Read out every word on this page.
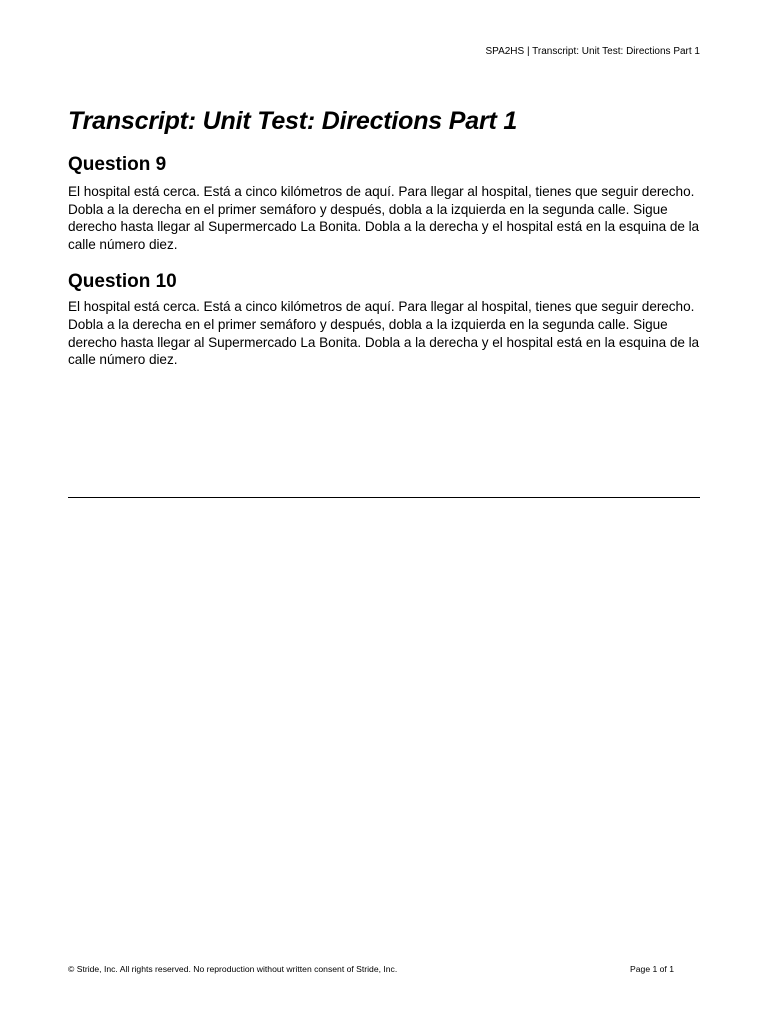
SPA2HS | Transcript: Unit Test: Directions Part 1
Transcript: Unit Test: Directions Part 1
Question 9

El hospital está cerca. Está a cinco kilómetros de aquí. Para llegar al hospital, tienes que seguir derecho. Dobla a la derecha en el primer semáforo y después, dobla a la izquierda en la segunda calle. Sigue derecho hasta llegar al Supermercado La Bonita. Dobla a la derecha y el hospital está en la esquina de la calle número diez.

Question 10

El hospital está cerca. Está a cinco kilómetros de aquí. Para llegar al hospital, tienes que seguir derecho. Dobla a la derecha en el primer semáforo y después, dobla a la izquierda en la segunda calle. Sigue derecho hasta llegar al Supermercado La Bonita. Dobla a la derecha y el hospital está en la esquina de la calle número diez.

© Stride, Inc. All rights reserved. No reproduction without written consent of Stride, Inc.	Page 1 of 1
